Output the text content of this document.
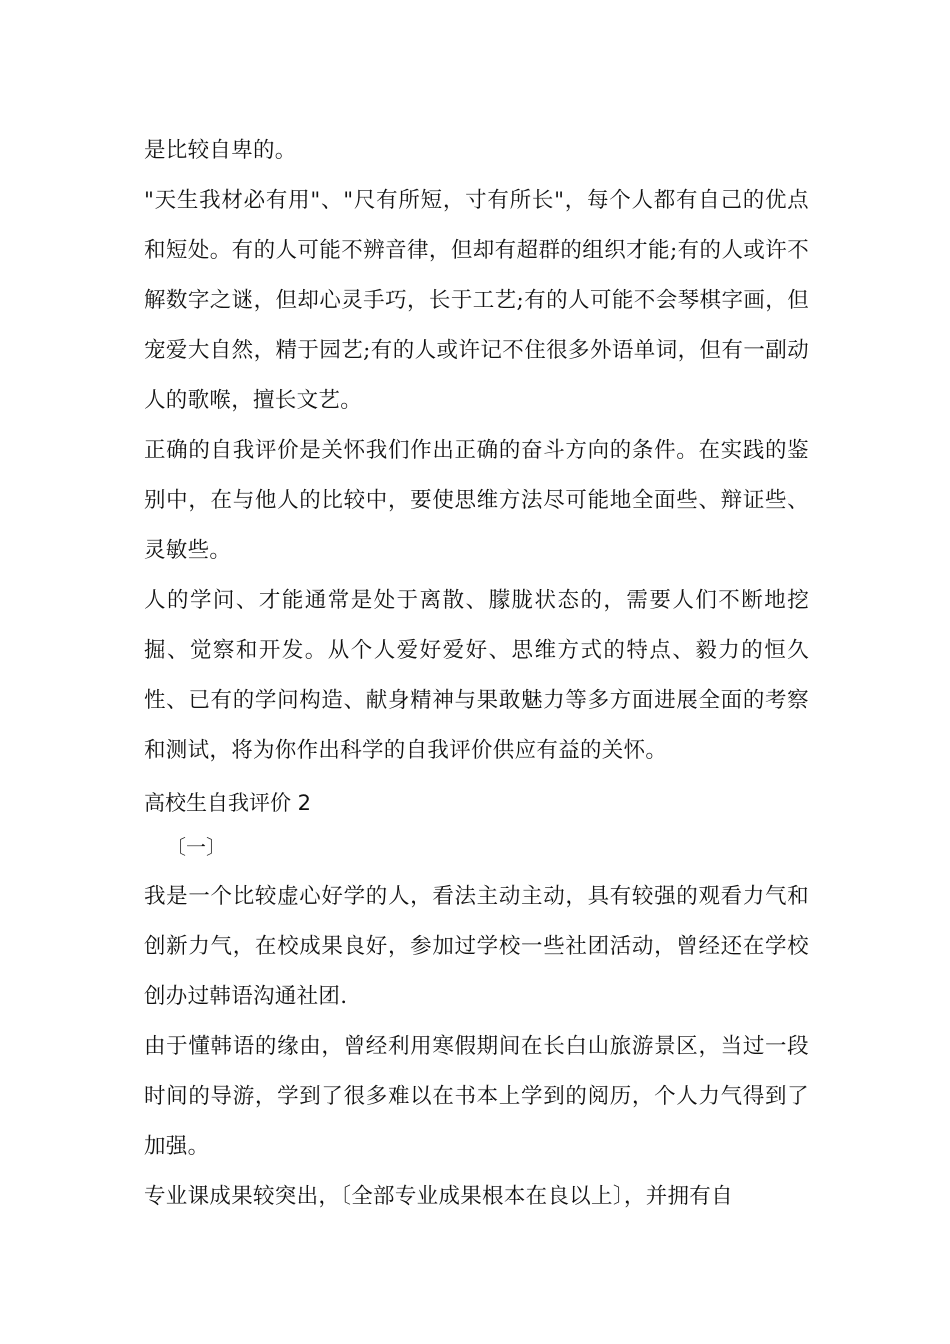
是比较自卑的。
"天生我材必有用"、"尺有所短，寸有所长"，每个人都有自己的优点和短处。有的人可能不辨音律，但却有超群的组织才能;有的人或许不解数字之谜，但却心灵手巧，长于工艺;有的人可能不会琴棋字画，但宠爱大自然，精于园艺;有的人或许记不住很多外语单词，但有一副动人的歌喉，擅长文艺。
正确的自我评价是关怀我们作出正确的奋斗方向的条件。在实践的鉴别中，在与他人的比较中，要使思维方法尽可能地全面些、辩证些、灵敏些。
人的学问、才能通常是处于离散、朦胧状态的，需要人们不断地挖掘、觉察和开发。从个人爱好爱好、思维方式的特点、毅力的恒久性、已有的学问构造、献身精神与果敢魅力等多方面进展全面的考察和测试，将为你作出科学的自我评价供应有益的关怀。
高校生自我评价 2
〔一〕
我是一个比较虚心好学的人，看法主动主动，具有较强的观看力气和创新力气，在校成果良好，参加过学校一些社团活动，曾经还在学校创办过韩语沟通社团.
由于懂韩语的缘由，曾经利用寒假期间在长白山旅游景区，当过一段时间的导游，学到了很多难以在书本上学到的阅历，个人力气得到了加强。
专业课成果较突出，〔全部专业成果根本在良以上〕，并拥有自
